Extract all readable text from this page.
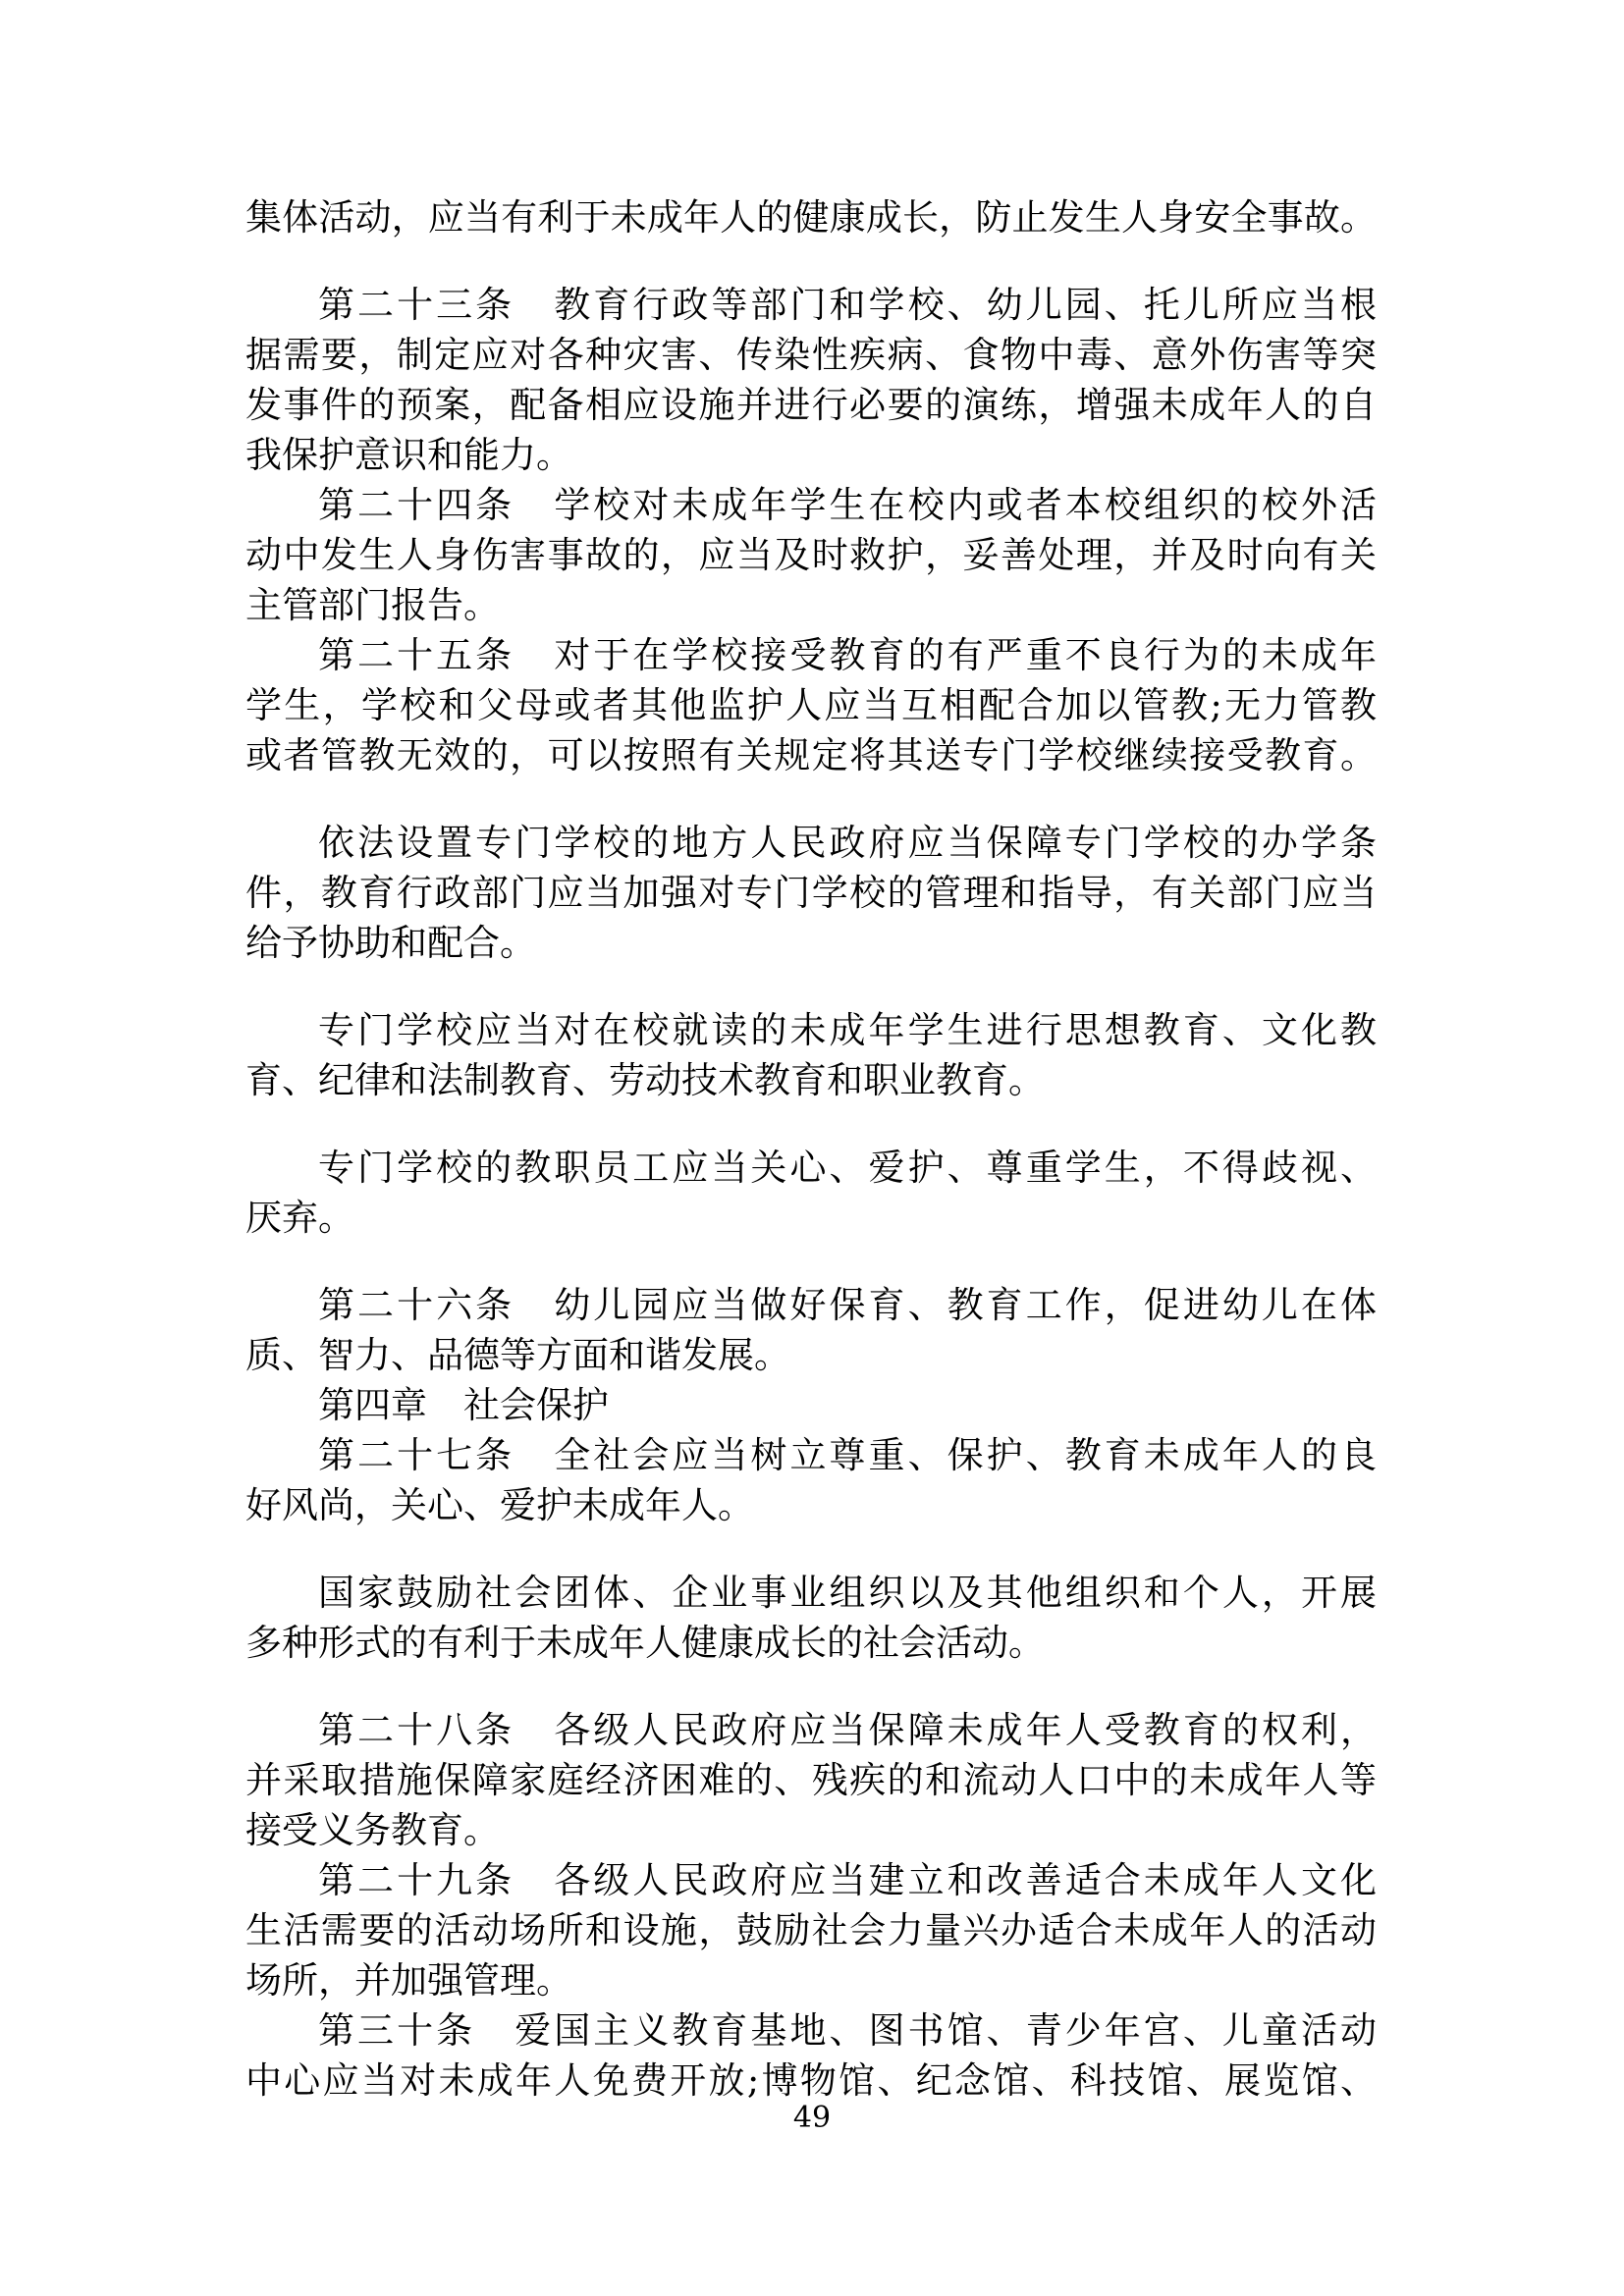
集体活动，应当有利于未成年人的健康成长，防止发生人身安全事故。
第二十三条　教育行政等部门和学校、幼儿园、托儿所应当根
据需要，制定应对各种灾害、传染性疾病、食物中毒、意外伤害等突
发事件的预案，配备相应设施并进行必要的演练，增强未成年人的自
我保护意识和能力。
第二十四条　学校对未成年学生在校内或者本校组织的校外活
动中发生人身伤害事故的，应当及时救护，妥善处理，并及时向有关
主管部门报告。
第二十五条　对于在学校接受教育的有严重不良行为的未成年
学生，学校和父母或者其他监护人应当互相配合加以管教;无力管教
或者管教无效的，可以按照有关规定将其送专门学校继续接受教育。
依法设置专门学校的地方人民政府应当保障专门学校的办学条
件，教育行政部门应当加强对专门学校的管理和指导，有关部门应当
给予协助和配合。
专门学校应当对在校就读的未成年学生进行思想教育、文化教
育、纪律和法制教育、劳动技术教育和职业教育。
专门学校的教职员工应当关心、爱护、尊重学生，不得歧视、
厌弃。
第二十六条　幼儿园应当做好保育、教育工作，促进幼儿在体
质、智力、品德等方面和谐发展。
第四章　社会保护
第二十七条　全社会应当树立尊重、保护、教育未成年人的良
好风尚，关心、爱护未成年人。
国家鼓励社会团体、企业事业组织以及其他组织和个人，开展
多种形式的有利于未成年人健康成长的社会活动。
第二十八条　各级人民政府应当保障未成年人受教育的权利，
并采取措施保障家庭经济困难的、残疾的和流动人口中的未成年人等
接受义务教育。
第二十九条　各级人民政府应当建立和改善适合未成年人文化
生活需要的活动场所和设施，鼓励社会力量兴办适合未成年人的活动
场所，并加强管理。
第三十条　爱国主义教育基地、图书馆、青少年宫、儿童活动
中心应当对未成年人免费开放;博物馆、纪念馆、科技馆、展览馆、
49
